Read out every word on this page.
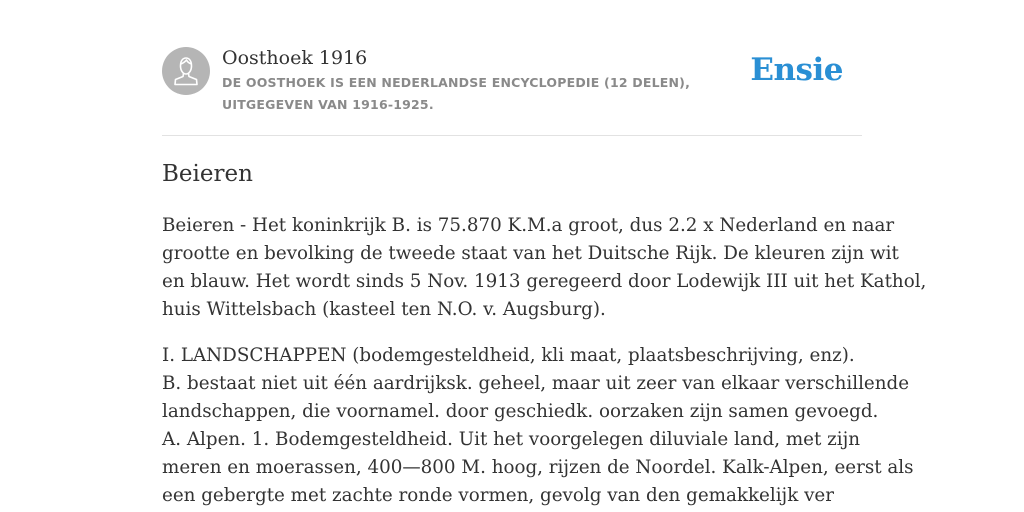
Oosthoek 1916
DE OOSTHOEK IS EEN NEDERLANDSE ENCYCLOPEDIE (12 DELEN), UITGEGEVEN VAN 1916-1925.
Ensie
Beieren

Beieren - Het koninkrijk B. is 75.870 K.M.a groot, dus 2.2 x Nederland en naar
grootte en bevolking de tweede staat van het Duitsche Rijk. De kleuren zijn wit
en blauw. Het wordt sinds 5 Nov. 1913 geregeerd door Lodewijk III uit het Kathol,
huis Wittelsbach (kasteel ten N.O. v. Augsburg).

I. LANDSCHAPPEN (bodemgesteldheid, kli maat, plaatsbeschrijving, enz).
B. bestaat niet uit één aardrijksk. geheel, maar uit zeer van elkaar verschillende
landschappen, die voornamel. door geschiedk. oorzaken zijn samen gevoegd.
A. Alpen. 1. Bodemgesteldheid. Uit het voorgelegen diluviale land, met zijn
meren en moerassen, 400—800 M. hoog, rijzen de Noordel. Kalk-Alpen, eerst als
een gebergte met zachte ronde vormen, gevolg van den gemakkelijk ver
